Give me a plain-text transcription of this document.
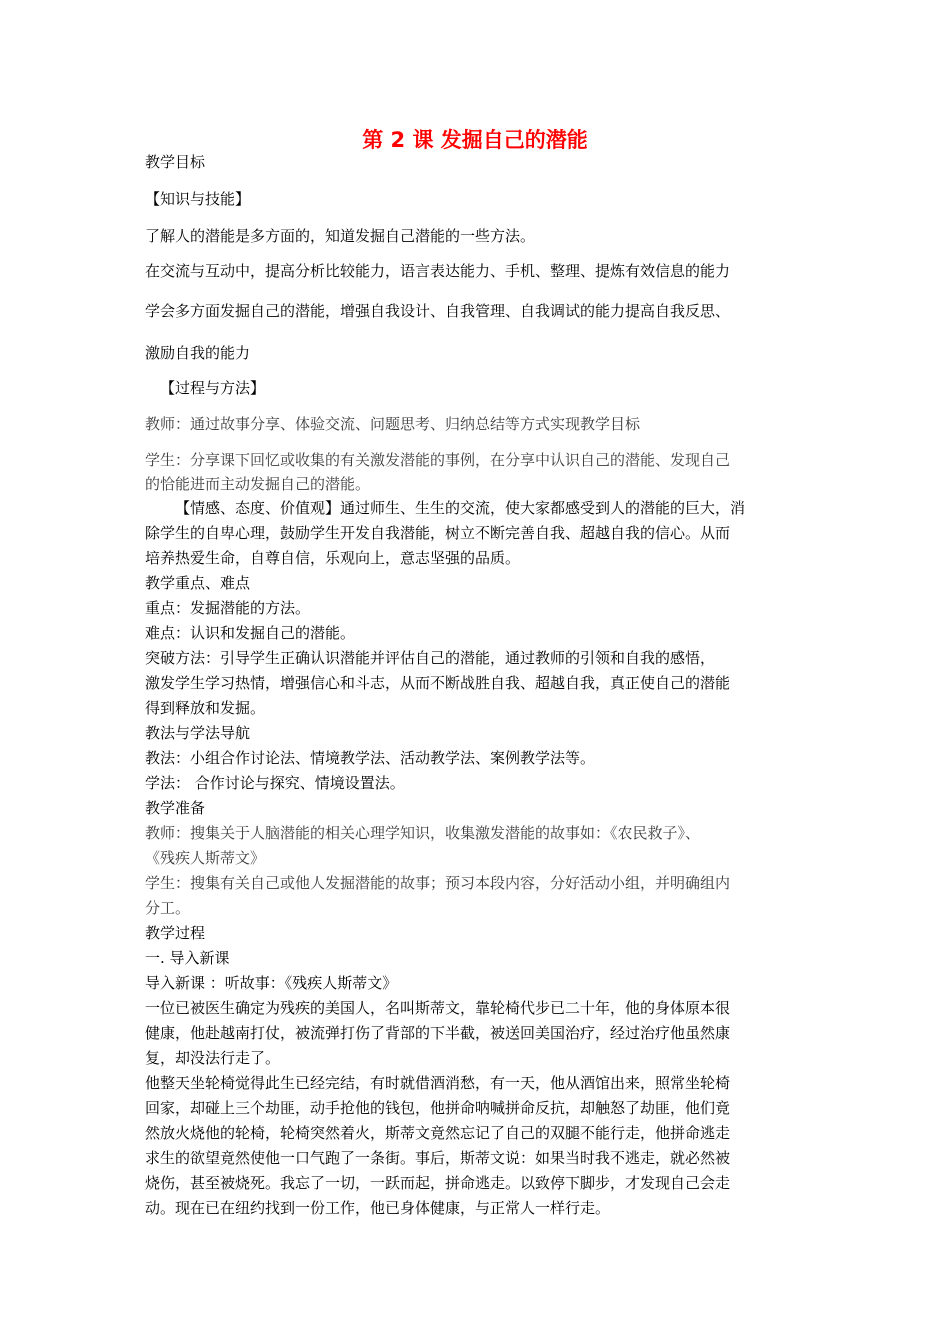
第 2 课 发掘自己的潜能
教学目标
【知识与技能】
了解人的潜能是多方面的，知道发掘自己潜能的一些方法。
在交流与互动中，提高分析比较能力，语言表达能力、手机、整理、提炼有效信息的能力
学会多方面发掘自己的潜能，增强自我设计、自我管理、自我调试的能力提高自我反思、
激励自我的能力
【过程与方法】
教师：通过故事分享、体验交流、问题思考、归纳总结等方式实现教学目标
学生：分享课下回忆或收集的有关激发潜能的事例，在分享中认识自己的潜能、发现自己
的恰能进而主动发掘自己的潜能。
【情感、态度、价值观】通过师生、生生的交流，使大家都感受到人的潜能的巨大，消
除学生的自卑心理，鼓励学生开发自我潜能，树立不断完善自我、超越自我的信心。从而
培养热爱生命，自尊自信，乐观向上，意志坚强的品质。
教学重点、难点
重点：发掘潜能的方法。
难点：认识和发掘自己的潜能。
突破方法：引导学生正确认识潜能并评估自己的潜能，通过教师的引领和自我的感悟，
激发学生学习热情，增强信心和斗志，从而不断战胜自我、超越自我，真正使自己的潜能
得到释放和发掘。
教法与学法导航
教法：小组合作讨论法、情境教学法、活动教学法、案例教学法等。
学法： 合作讨论与探究、情境设置法。
教学准备
教师：搜集关于人脑潜能的相关心理学知识，收集激发潜能的故事如：《农民救子》、
《残疾人斯蒂文》
学生：搜集有关自己或他人发掘潜能的故事；预习本段内容，分好活动小组，并明确组内
分工。
教学过程
一. 导入新课
导入新课 ：听故事：《残疾人斯蒂文》
一位已被医生确定为残疾的美国人，名叫斯蒂文，靠轮椅代步已二十年，他的身体原本很
健康，他赴越南打仗，被流弹打伤了背部的下半截，被送回美国治疗，经过治疗他虽然康
复，却没法行走了。
他整天坐轮椅觉得此生已经完结，有时就借酒消愁，有一天，他从酒馆出来，照常坐轮椅
回家，却碰上三个劫匪，动手抢他的钱包，他拼命呐喊拼命反抗，却触怒了劫匪，他们竟
然放火烧他的轮椅，轮椅突然着火，斯蒂文竟然忘记了自己的双腿不能行走，他拼命逃走
求生的欲望竟然使他一口气跑了一条街。事后，斯蒂文说：如果当时我不逃走，就必然被
烧伤，甚至被烧死。我忘了一切，一跃而起，拼命逃走。以致停下脚步，才发现自己会走
动。现在已在纽约找到一份工作，他已身体健康，与正常人一样行走。
